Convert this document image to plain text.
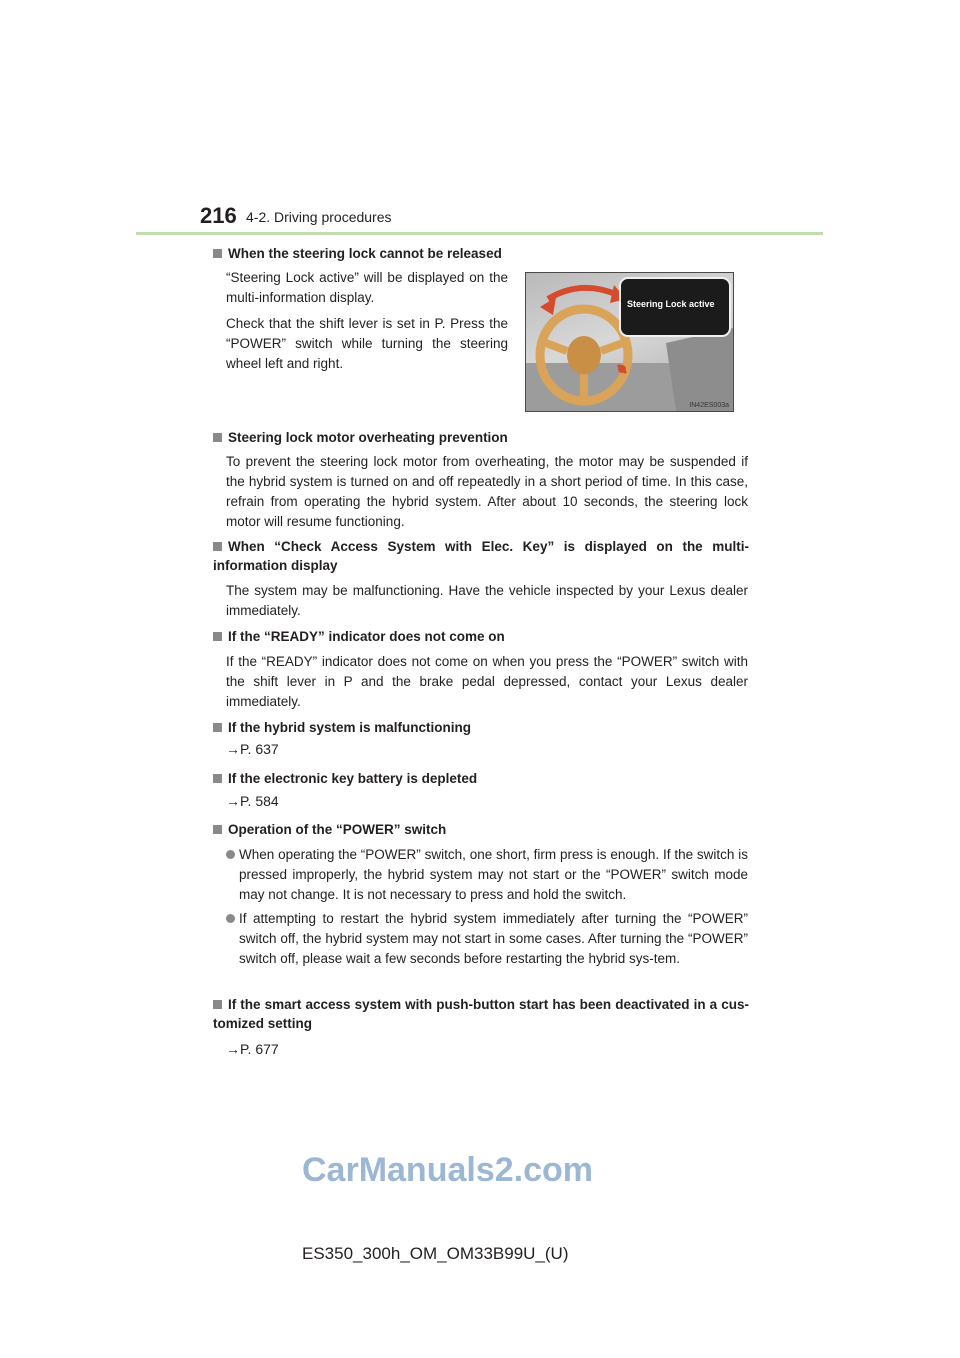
216 4-2. Driving procedures

When the steering lock cannot be released

“Steering Lock active” will be displayed on the multi-information display.

Check that the shift lever is set in P. Press the “POWER” switch while turning the steering wheel left and right.

Steering Lock active
IN42ES003a

Steering lock motor overheating prevention

To prevent the steering lock motor from overheating, the motor may be suspended if the hybrid system is turned on and off repeatedly in a short period of time. In this case, refrain from operating the hybrid system. After about 10 seconds, the steering lock motor will resume functioning.

When “Check Access System with Elec. Key” is displayed on the multi-information display

The system may be malfunctioning. Have the vehicle inspected by your Lexus dealer immediately.

If the “READY” indicator does not come on

If the “READY” indicator does not come on when you press the “POWER” switch with the shift lever in P and the brake pedal depressed, contact your Lexus dealer immediately.

If the hybrid system is malfunctioning

→P. 637

If the electronic key battery is depleted

→P. 584

Operation of the “POWER” switch

When operating the “POWER” switch, one short, firm press is enough. If the switch is pressed improperly, the hybrid system may not start or the “POWER” switch mode may not change. It is not necessary to press and hold the switch.

If attempting to restart the hybrid system immediately after turning the “POWER” switch off, the hybrid system may not start in some cases. After turning the “POWER” switch off, please wait a few seconds before restarting the hybrid sys-tem.

If the smart access system with push-button start has been deactivated in a cus-tomized setting

→P. 677
CarManuals2.com
ES350_300h_OM_OM33B99U_(U)
